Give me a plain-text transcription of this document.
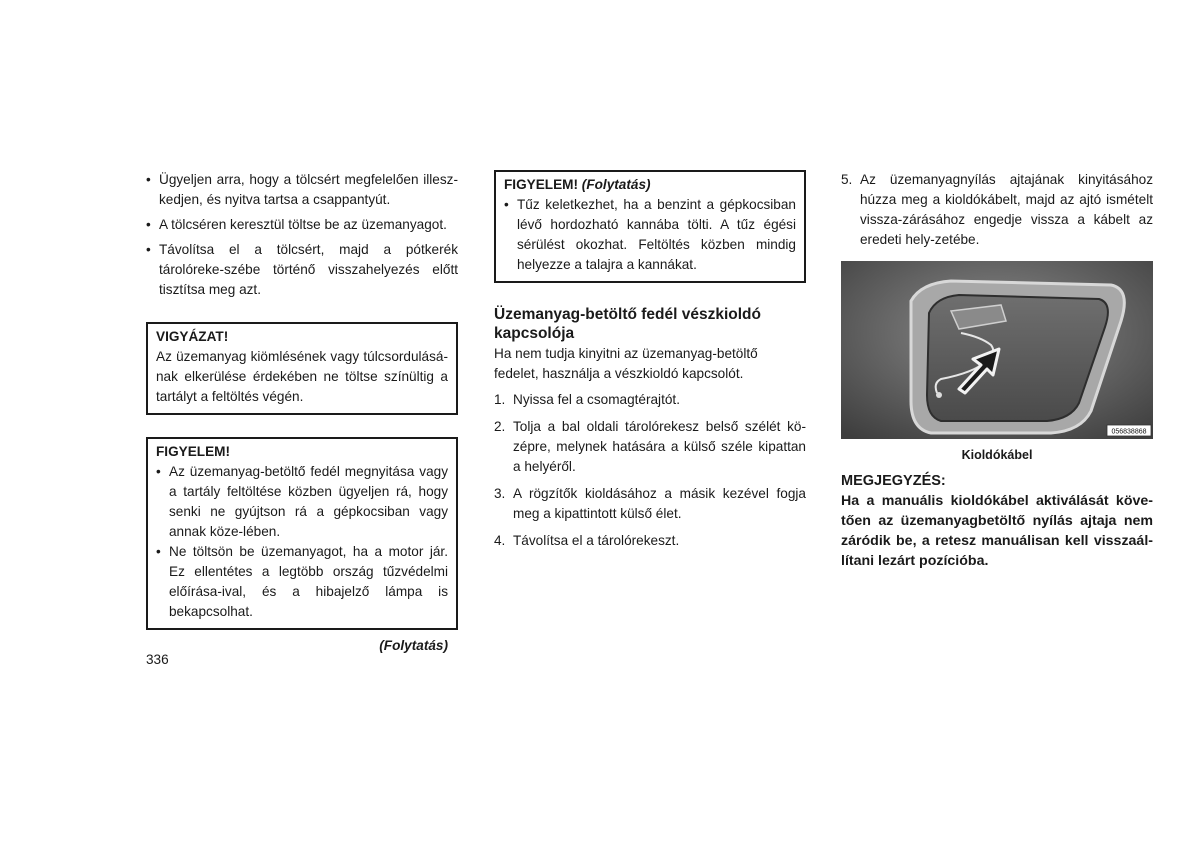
• Ügyeljen arra, hogy a tölcsért megfelelően illesz-kedjen, és nyitva tartsa a csappantyút.
• A tölcséren keresztül töltse be az üzemanyagot.
• Távolítsa el a tölcsért, majd a pótkerék tárolóreke-szébe történő visszahelyezés előtt tisztítsa meg azt.
VIGYÁZAT!

Az üzemanyag kiömlésének vagy túlcsordulásá-nak elkerülése érdekében ne töltse színültig a tartályt a feltöltés végén.

FIGYELEM!
• Az üzemanyag-betöltő fedél megnyitása vagy a tartály feltöltése közben ügyeljen rá, hogy senki ne gyújtson rá a gépkocsiban vagy annak köze-lében.
• Ne töltsön be üzemanyagot, ha a motor jár. Ez ellentétes a legtöbb ország tűzvédelmi előírása-ival, és a hibajelző lámpa is bekapcsolhat.
(Folytatás)
FIGYELEM! (Folytatás)
• Tűz keletkezhet, ha a benzint a gépkocsiban lévő hordozható kannába tölti. A tűz égési sérülést okozhat. Feltöltés közben mindig helyezze a talajra a kannákat.
Üzemanyag-betöltő fedél vészkioldó kapcsolója

Ha nem tudja kinyitni az üzemanyag-betöltő fedelet, használja a vészkioldó kapcsolót.

1. Nyissa fel a csomagtérajtót.
2. Tolja a bal oldali tárolórekesz belső szélét kö-zépre, melynek hatására a külső széle kipattan a helyéről.
3. A rögzítők kioldásához a másik kezével fogja meg a kipattintott külső élet.
4. Távolítsa el a tárolórekeszt.
5. Az üzemanyagnyílás ajtajának kinyitásához húzza meg a kioldókábelt, majd az ajtó ismételt vissza-zárásához engedje vissza a kábelt az eredeti hely-zetébe.
056838868
Kioldókábel
MEGJEGYZÉS:
Ha a manuális kioldókábel aktiválását köve-tően az üzemanyagbetöltő nyílás ajtaja nem záródik be, a retesz manuálisan kell visszaál-lítani lezárt pozícióba.
336
